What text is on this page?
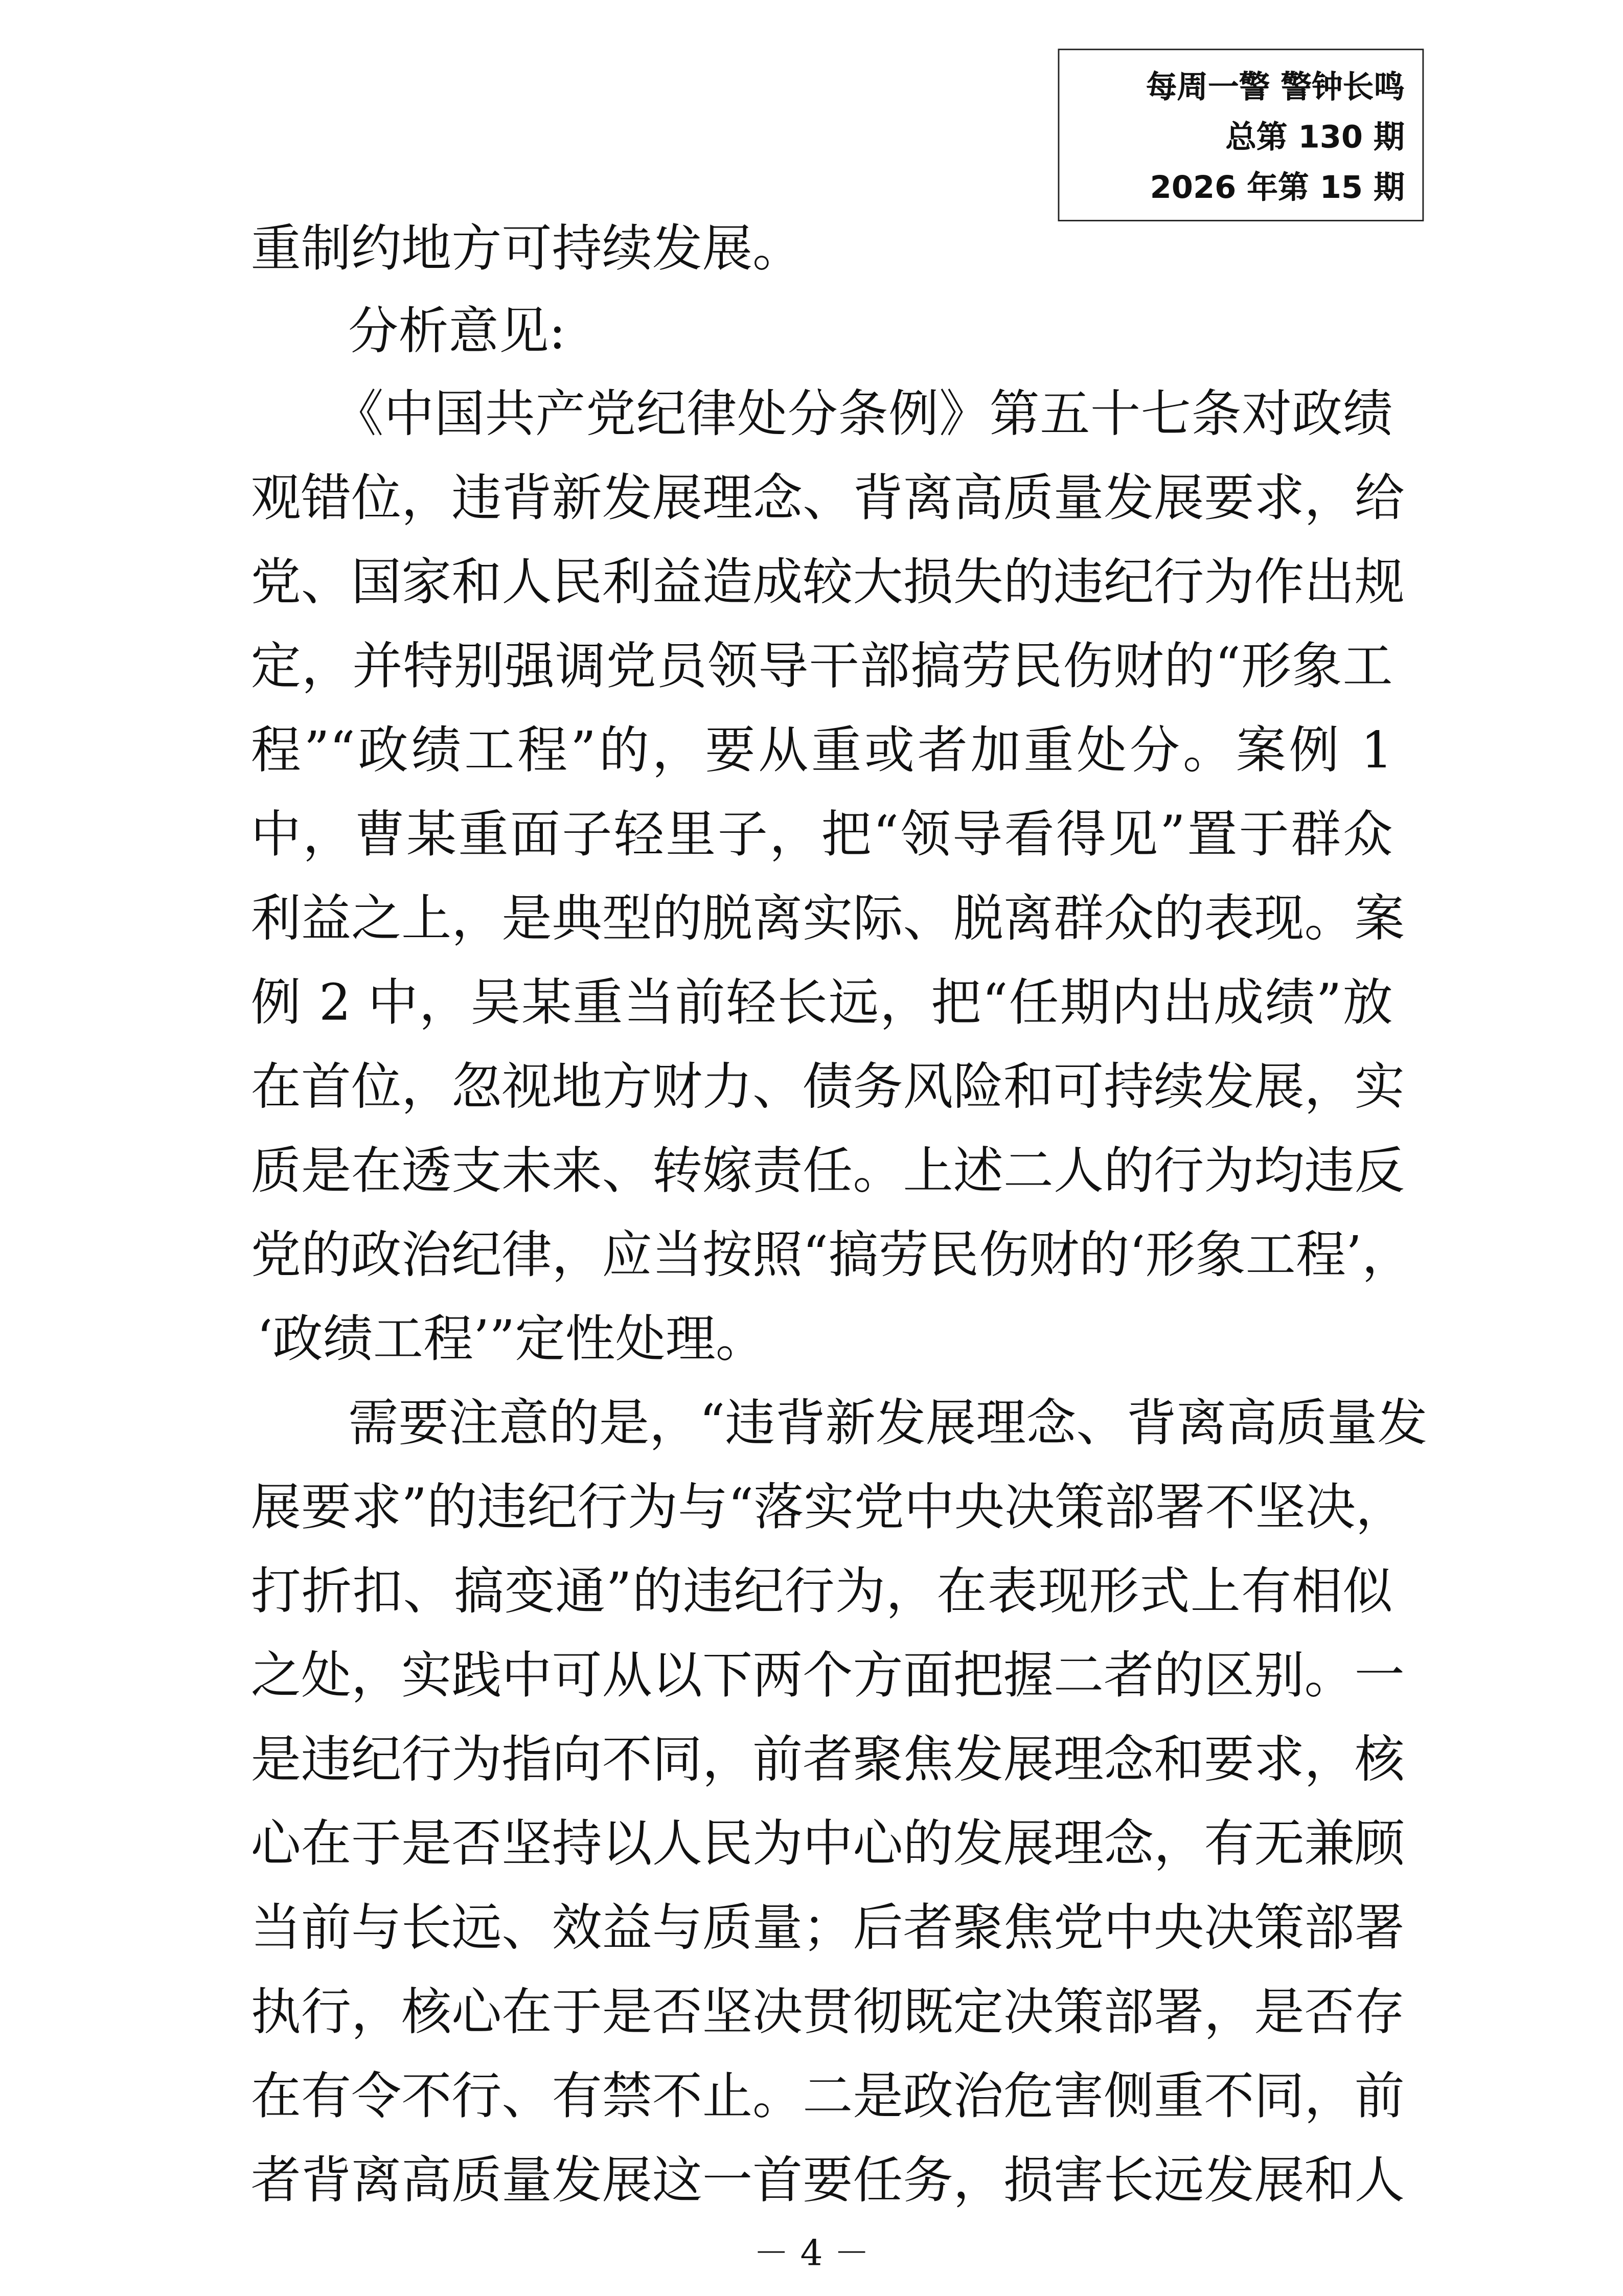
每周一警 警钟长鸣
总第 130 期
2026 年第 15 期
重制约地方可持续发展。
分析意见:
《中国共产党纪律处分条例》第五十七条对政绩
观错位，违背新发展理念、背离高质量发展要求，给
党、国家和人民利益造成较大损失的违纪行为作出规
定，并特别强调党员领导干部搞劳民伤财的“形象工
程”“政绩工程”的，要从重或者加重处分。案例 1
中，曹某重面子轻里子，把“领导看得见”置于群众
利益之上，是典型的脱离实际、脱离群众的表现。案
例 2 中，吴某重当前轻长远，把“任期内出成绩”放
在首位，忽视地方财力、债务风险和可持续发展，实
质是在透支未来、转嫁责任。上述二人的行为均违反
党的政治纪律，应当按照“搞劳民伤财的‘形象工程’，
‘政绩工程’”定性处理。
需要注意的是，“违背新发展理念、背离高质量发
展要求”的违纪行为与“落实党中央决策部署不坚决，
打折扣、搞变通”的违纪行为，在表现形式上有相似
之处，实践中可从以下两个方面把握二者的区别。一
是违纪行为指向不同，前者聚焦发展理念和要求，核
心在于是否坚持以人民为中心的发展理念，有无兼顾
当前与长远、效益与质量；后者聚焦党中央决策部署
执行，核心在于是否坚决贯彻既定决策部署，是否存
在有令不行、有禁不止。二是政治危害侧重不同，前
者背离高质量发展这一首要任务，损害长远发展和人
－ 4 －
